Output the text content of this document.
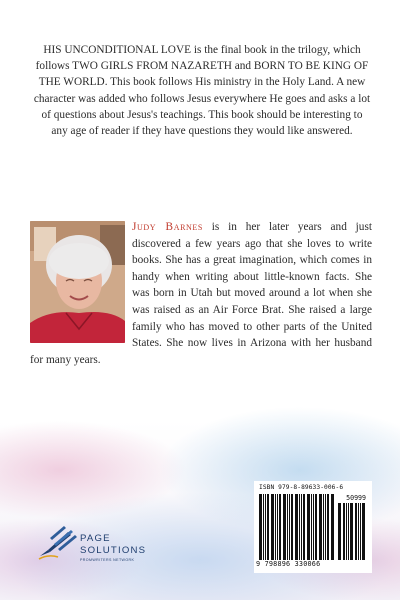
HIS UNCONDITIONAL LOVE is the final book in the trilogy, which follows TWO GIRLS FROM NAZARETH and BORN TO BE KING OF THE WORLD. This book follows His ministry in the Holy Land. A new character was added who follows Jesus everywhere He goes and asks a lot of questions about Jesus's teachings. This book should be interesting to any age of reader if they have questions they would like answered.
Judy Barnes is in her later years and just discovered a few years ago that she loves to write books. She has a great imagination, which comes in handy when writing about little-known facts. She was born in Utah but moved around a lot when she was raised as an Air Force Brat. She raised a large family who has moved to other parts of the United States. She now lives in Arizona with her husband for many years.
PAGE
SOLUTIONS
PROMWRITERS NETWORK
ISBN 979-8-89633-006-6
50999
9 798896 330066
